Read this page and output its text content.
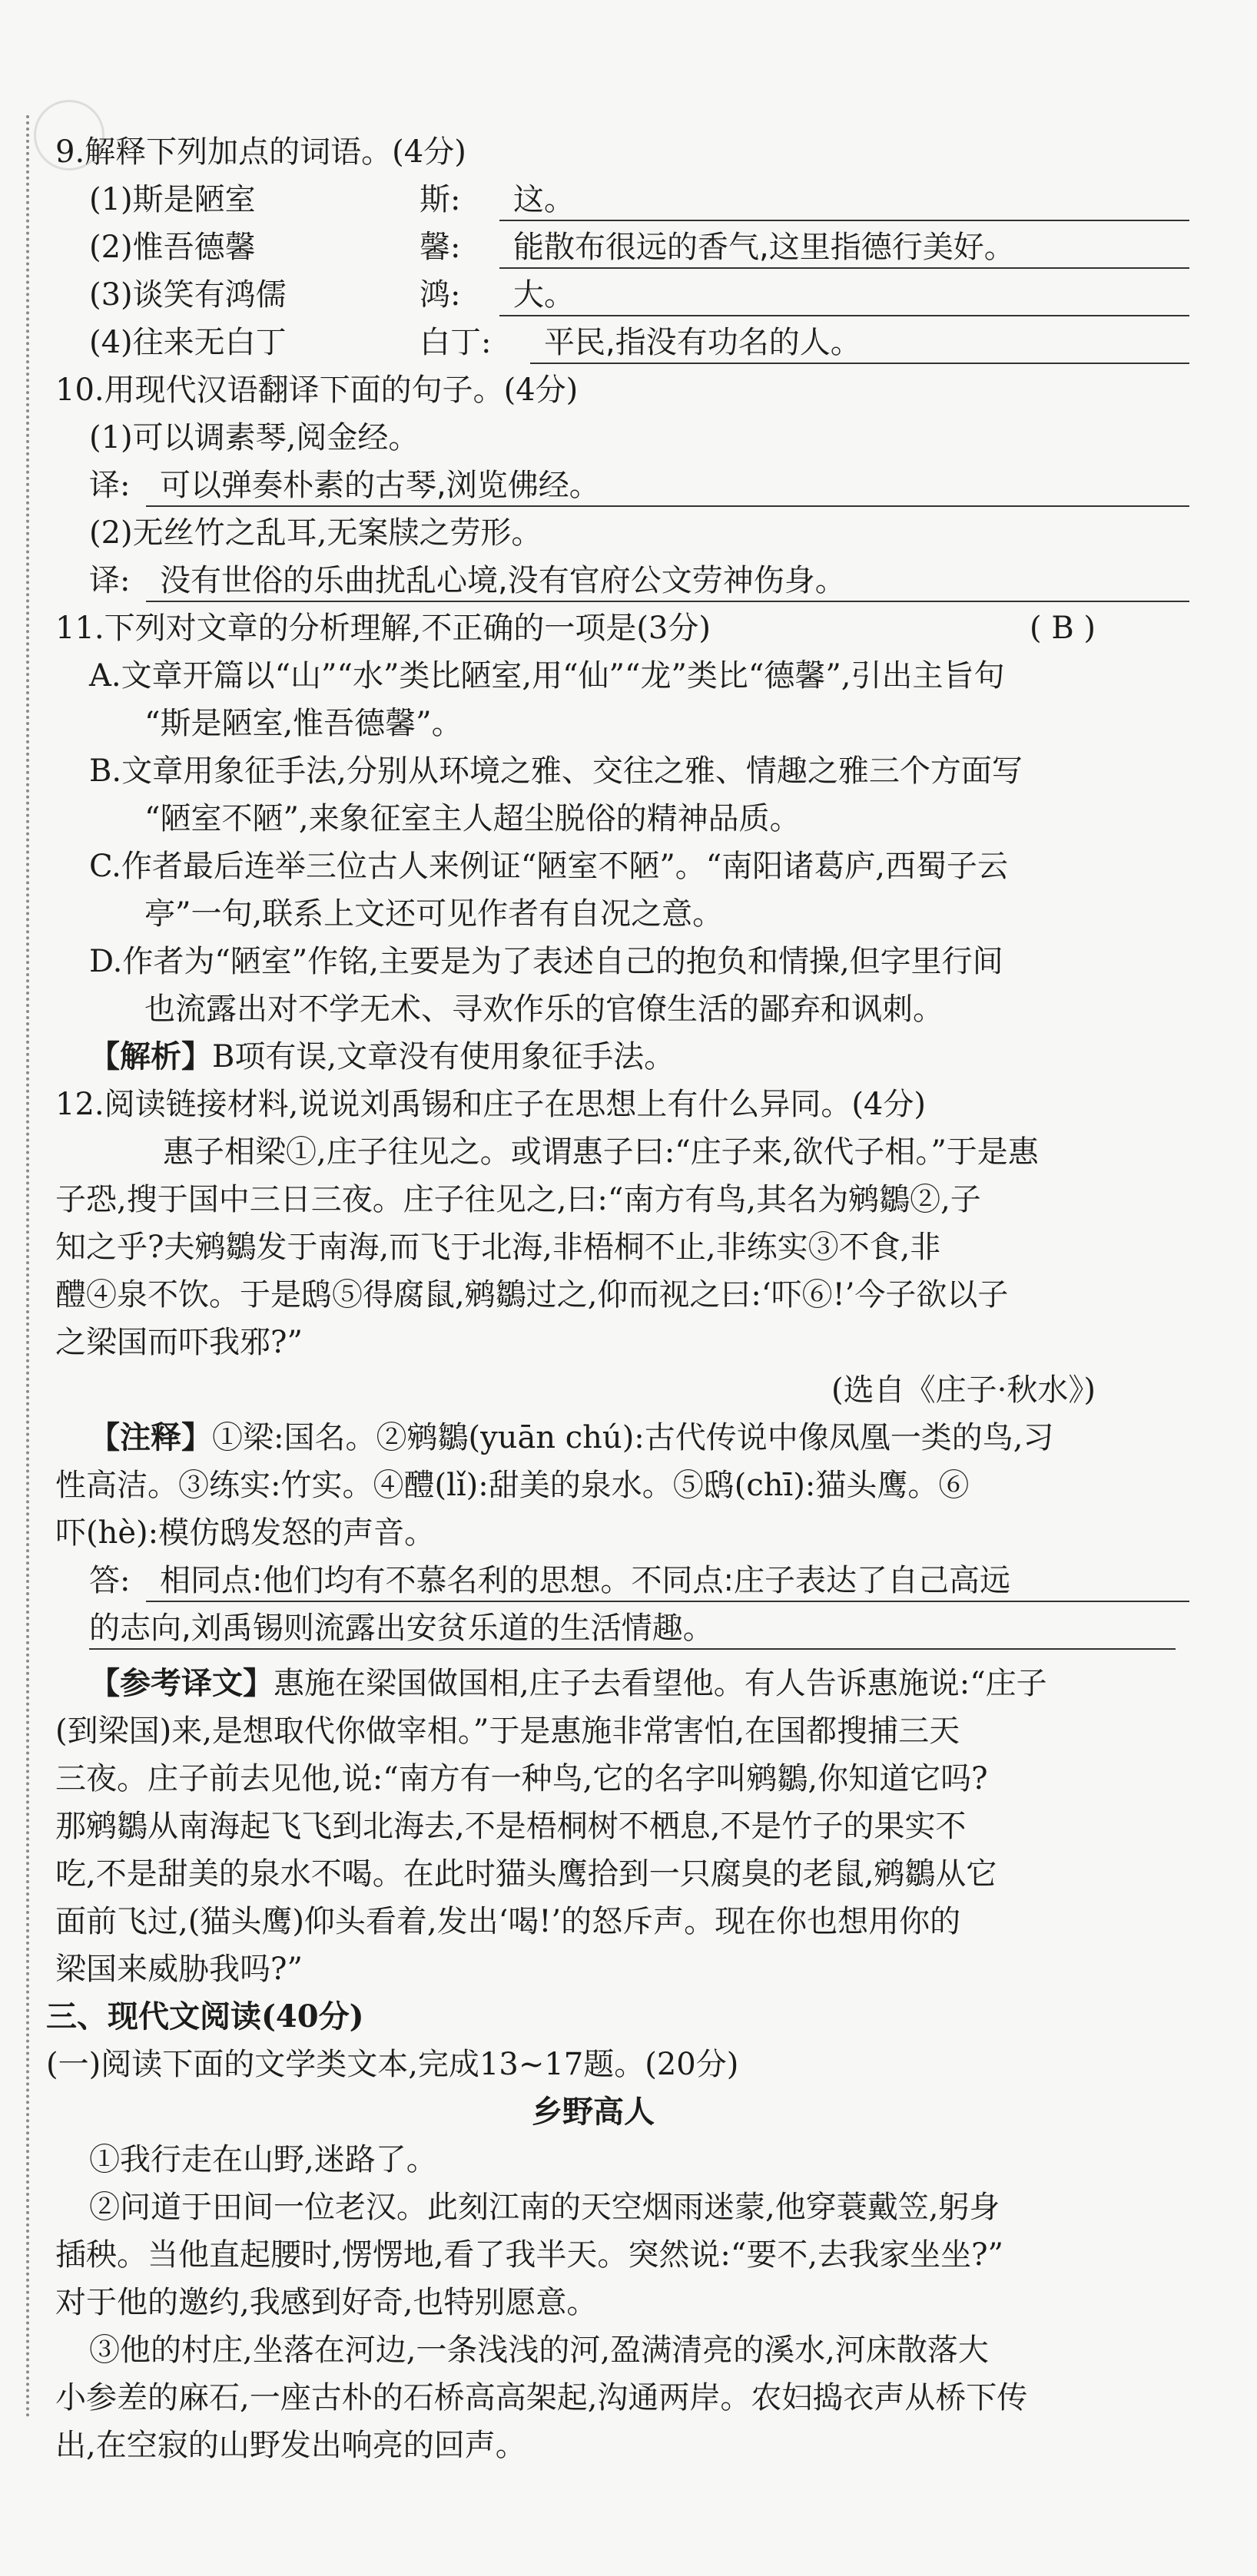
9.解释下列加点的词语。(4分)
(1)斯是陋室	斯:	这。
(2)惟吾德馨	馨:	能散布很远的香气,这里指德行美好。
(3)谈笑有鸿儒	鸿:	大。
(4)往来无白丁	白丁:	平民,指没有功名的人。
10.用现代汉语翻译下面的句子。(4分)
(1)可以调素琴,阅金经。
译: 可以弹奏朴素的古琴,浏览佛经。
(2)无丝竹之乱耳,无案牍之劳形。
译: 没有世俗的乐曲扰乱心境,没有官府公文劳神伤身。
11.下列对文章的分析理解,不正确的一项是(3分)	( B )
A.文章开篇以“山”“水”类比陋室,用“仙”“龙”类比“德馨”,引出主旨句
“斯是陋室,惟吾德馨”。
B.文章用象征手法,分别从环境之雅、交往之雅、情趣之雅三个方面写
“陋室不陋”,来象征室主人超尘脱俗的精神品质。
C.作者最后连举三位古人来例证“陋室不陋”。“南阳诸葛庐,西蜀子云
亭”一句,联系上文还可见作者有自况之意。
D.作者为“陋室”作铭,主要是为了表述自己的抱负和情操,但字里行间
也流露出对不学无术、寻欢作乐的官僚生活的鄙弃和讽刺。
【解析】B项有误,文章没有使用象征手法。
12.阅读链接材料,说说刘禹锡和庄子在思想上有什么异同。(4分)
惠子相梁①,庄子往见之。或谓惠子曰:“庄子来,欲代子相。”于是惠
子恐,搜于国中三日三夜。庄子往见之,曰:“南方有鸟,其名为鹓鶵②,子
知之乎?夫鹓鶵发于南海,而飞于北海,非梧桐不止,非练实③不食,非
醴④泉不饮。于是鸱⑤得腐鼠,鹓鶵过之,仰而视之曰:‘吓⑥!’今子欲以子
之梁国而吓我邪?”
(选自《庄子·秋水》)
【注释】①梁:国名。②鹓鶵(yuān chú):古代传说中像凤凰一类的鸟,习
性高洁。③练实:竹实。④醴(lǐ):甜美的泉水。⑤鸱(chī):猫头鹰。⑥
吓(hè):模仿鸱发怒的声音。
答: 相同点:他们均有不慕名利的思想。不同点:庄子表达了自己高远
的志向,刘禹锡则流露出安贫乐道的生活情趣。
【参考译文】惠施在梁国做国相,庄子去看望他。有人告诉惠施说:“庄子
(到梁国)来,是想取代你做宰相。”于是惠施非常害怕,在国都搜捕三天
三夜。庄子前去见他,说:“南方有一种鸟,它的名字叫鹓鶵,你知道它吗?
那鹓鶵从南海起飞飞到北海去,不是梧桐树不栖息,不是竹子的果实不
吃,不是甜美的泉水不喝。在此时猫头鹰拾到一只腐臭的老鼠,鹓鶵从它
面前飞过,(猫头鹰)仰头看着,发出‘喝!’的怒斥声。现在你也想用你的
梁国来威胁我吗?”
三、现代文阅读(40分)
(一)阅读下面的文学类文本,完成13~17题。(20分)
乡野高人
①我行走在山野,迷路了。
②问道于田间一位老汉。此刻江南的天空烟雨迷蒙,他穿蓑戴笠,躬身
插秧。当他直起腰时,愣愣地,看了我半天。突然说:“要不,去我家坐坐?”
对于他的邀约,我感到好奇,也特别愿意。
③他的村庄,坐落在河边,一条浅浅的河,盈满清亮的溪水,河床散落大
小参差的麻石,一座古朴的石桥高高架起,沟通两岸。农妇捣衣声从桥下传
出,在空寂的山野发出响亮的回声。
